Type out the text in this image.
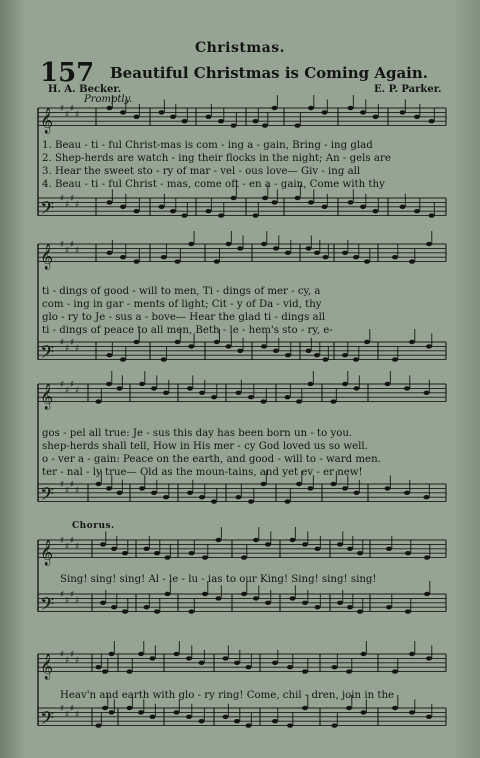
Christmas.
157 Beautiful Christmas is Coming Again.
H. A. Becker.	E. P. Parker.
Promptly.
𝄞 ♯
♯
♯
♯
𝄢 ♯
♯
♯
♯
𝄞 ♯
♯
♯
♯
𝄢 ♯
♯
♯
♯
𝄞 ♯
♯
♯
♯
𝄢 ♯
♯
♯
♯
𝄞 ♯
♯
♯
♯
𝄢 ♯
♯
♯
♯
𝄞 ♯
♯
♯
♯
𝄢 ♯
♯
♯
♯
1. Beau - ti - ful Christ-mas is com - ing a - gain, Bring - ing glad
2. Shep-herds are watch - ing their flocks in the night; An - gels are
3. Hear the sweet sto - ry of mar - vel - ous love— Giv - ing all
4. Beau - ti - ful Christ - mas, come oft - en a - gain, Come with thy
ti - dings of good - will to men, Ti - dings of mer - cy, a
com - ing in gar - ments of light; Cit - y of Da - vid, thy
glo - ry to Je - sus a - bove— Hear the glad ti - dings all
ti - dings of peace to all men, Beth - le - hem's sto - ry, e-
gos - pel all true: Je - sus this day has been born un - to you.
shep-herds shall tell, How in His mer - cy God loved us so well.
o - ver a - gain: Peace on the earth, and good - will to - ward men.
ter - nal - ly true— Old as the moun-tains, and yet ev - er new!
Chorus.
Sing! sing! sing! Al - le - lu - ias to our King! Sing! sing! sing!
Heav'n and earth with glo - ry ring! Come, chil - dren, join in the
